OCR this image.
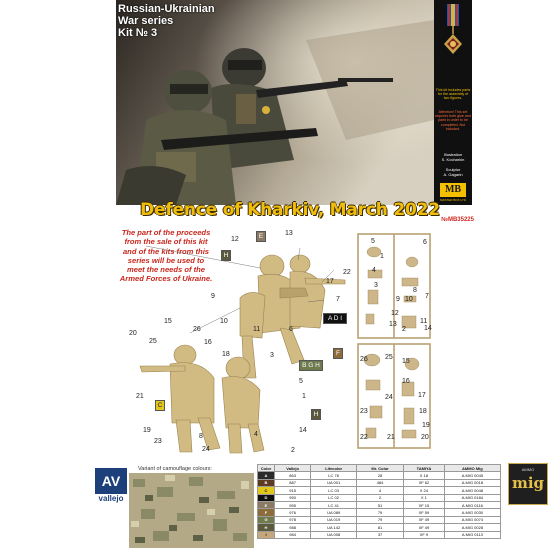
Russian-Ukrainian
War series
Kit № 3
This kit includes parts for the assembly of two figures.
Attention! This set requires both glue and paint in order to be completed. Not included.
Illustration
S. Kocharkin
Sculptor
A. Gagarin
MB
MASTER BOX LTD
Defence of Kharkiv, March 2022 №MB35225
The part of the proceeds from the sale of this kit and of the kits from this series will be used to meet the needs of the Armed Forces of Ukraine.
12
13
22
17
9
10
7
11	6
3
20
15
26
16
25
18
21
5
1
19	14
23
8
24
4
2
E
H
A D I
F
B G H
C
H
5	6
1
4
3
10
9
8
7
11
12
13
2	14
26 25
16
15
17
24
23	18
19
22	21	20
AV
vallejo
Variant of camouflage colours:	Color	Vallejo	Lifecolor	Mr. Color	TAMIYA	AMMO Mig
A	863	LC 76	28	X 18	A.MIG 0045
B	887	UA 001	484	XF 62	A.MIG 0018
C	915	LC 03	4	X 24	A.MIG 0048
D	950	LC 02	2	X 1	A.MIG 0184
E	955	LC 41	51	XF 15	A.MIG 0116
F	976	UA 089	79	XF 59	A.MIG 0030
G	978	UA 019	79	XF 49	A.MIG 0074
H	988	UA 142	81	XF 49	A.MIG 0028
I	984	UA 008	37	XF 9	A.MIG 0113
AMMO
mig
